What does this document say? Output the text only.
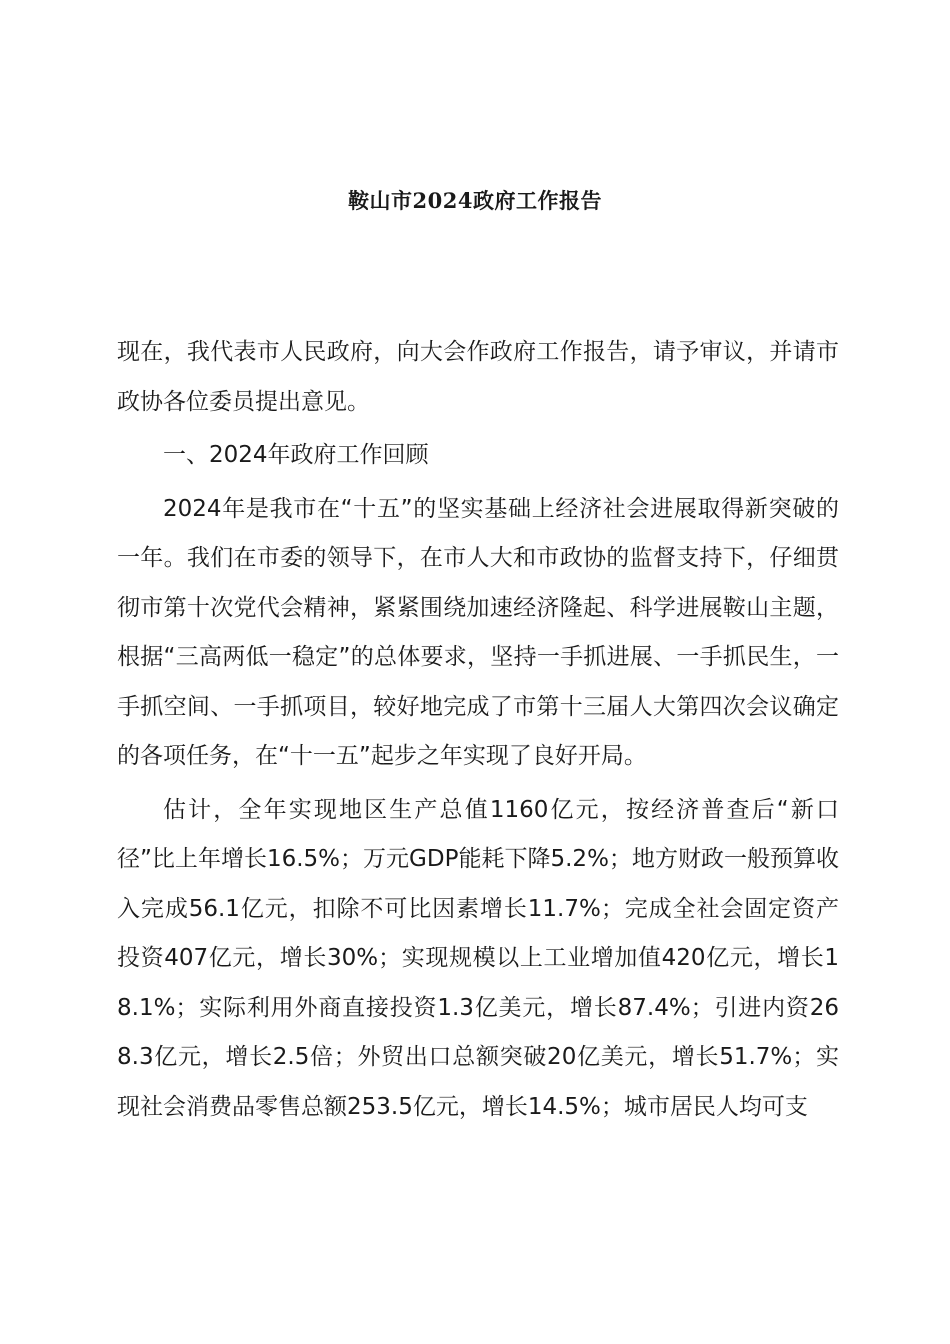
鞍山市2024政府工作报告

现在，我代表市人民政府，向大会作政府工作报告，请予审议，并请市政协各位委员提出意见。

一、2024年政府工作回顾

2024年是我市在“十五”的坚实基础上经济社会进展取得新突破的一年。我们在市委的领导下，在市人大和市政协的监督支持下，仔细贯彻市第十次党代会精神，紧紧围绕加速经济隆起、科学进展鞍山主题，根据“三高两低一稳定”的总体要求，坚持一手抓进展、一手抓民生，一手抓空间、一手抓项目，较好地完成了市第十三届人大第四次会议确定的各项任务，在“十一五”起步之年实现了良好开局。

估计，全年实现地区生产总值1160亿元，按经济普查后“新口径”比上年增长16.5%；万元GDP能耗下降5.2%；地方财政一般预算收入完成56.1亿元，扣除不可比因素增长11.7%；完成全社会固定资产投资407亿元，增长30%；实现规模以上工业增加值420亿元，增长18.1%；实际利用外商直接投资1.3亿美元，增长87.4%；引进内资268.3亿元，增长2.5倍；外贸出口总额突破20亿美元，增长51.7%；实现社会消费品零售总额253.5亿元，增长14.5%；城市居民人均可支
